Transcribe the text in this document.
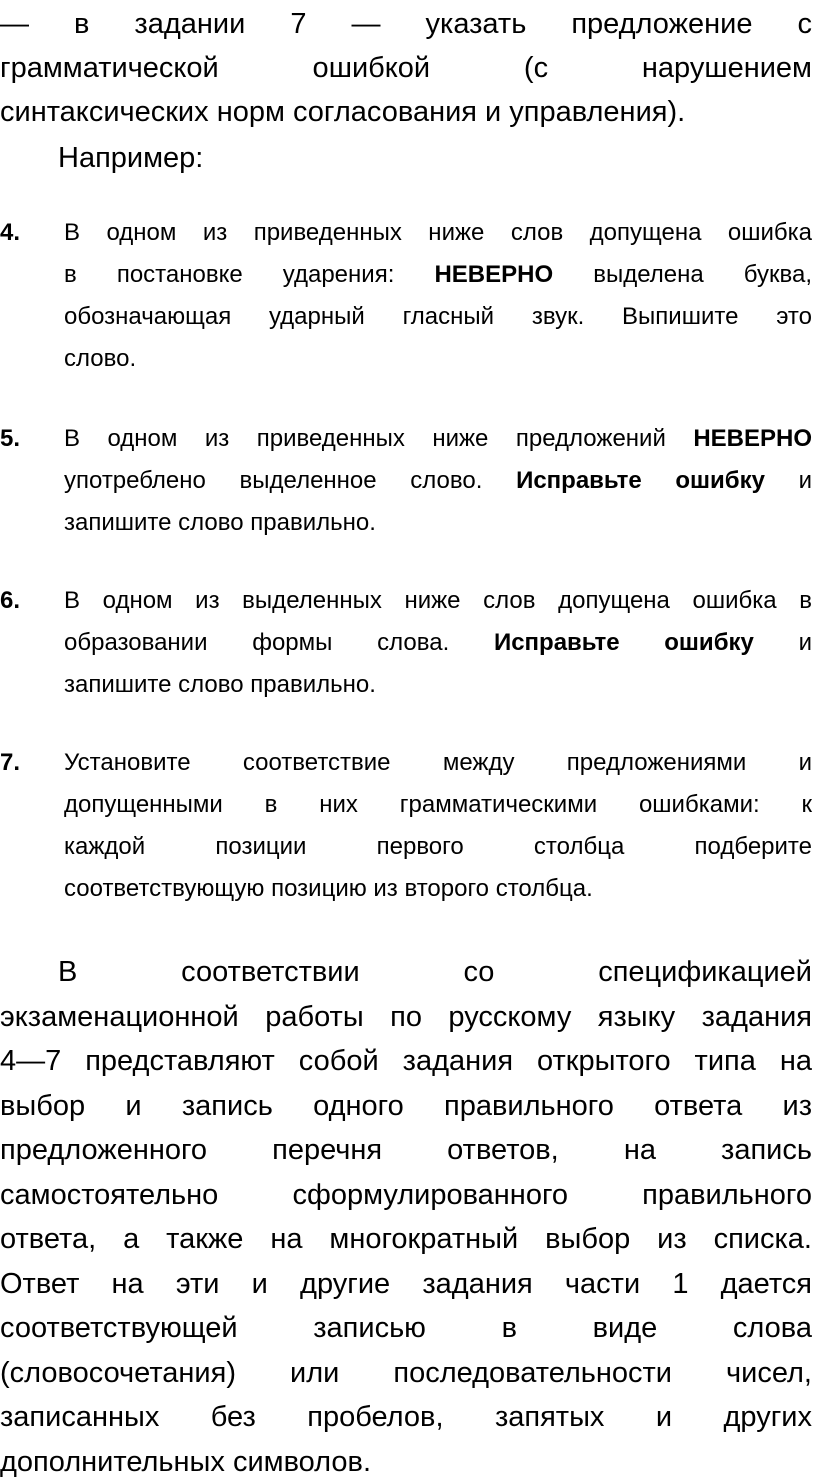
— в задании 7 — указать предложение с
грамматической ошибкой (с нарушением
синтаксических норм согласования и управления).
Например:
4. В одном из приведенных ниже слов допущена ошибка
в постановке ударения: НЕВЕРНО выделена буква,
обозначающая ударный гласный звук. Выпишите это
слово.
5. В одном из приведенных ниже предложений НЕВЕРНО
употреблено выделенное слово. Исправьте ошибку и
запишите слово правильно.
6. В одном из выделенных ниже слов допущена ошибка в
образовании формы слова. Исправьте ошибку и
запишите слово правильно.
7. Установите соответствие между предложениями и
допущенными в них грамматическими ошибками: к
каждой позиции первого столбца подберите
соответствующую позицию из второго столбца.
В соответствии со спецификацией
экзаменационной работы по русскому языку задания
4—7 представляют собой задания открытого типа на
выбор и запись одного правильного ответа из
предложенного перечня ответов, на запись
самостоятельно сформулированного правильного
ответа, а также на многократный выбор из списка.
Ответ на эти и другие задания части 1 дается
соответствующей записью в виде слова
(словосочетания) или последовательности чисел,
записанных без пробелов, запятых и других
дополнительных символов.
